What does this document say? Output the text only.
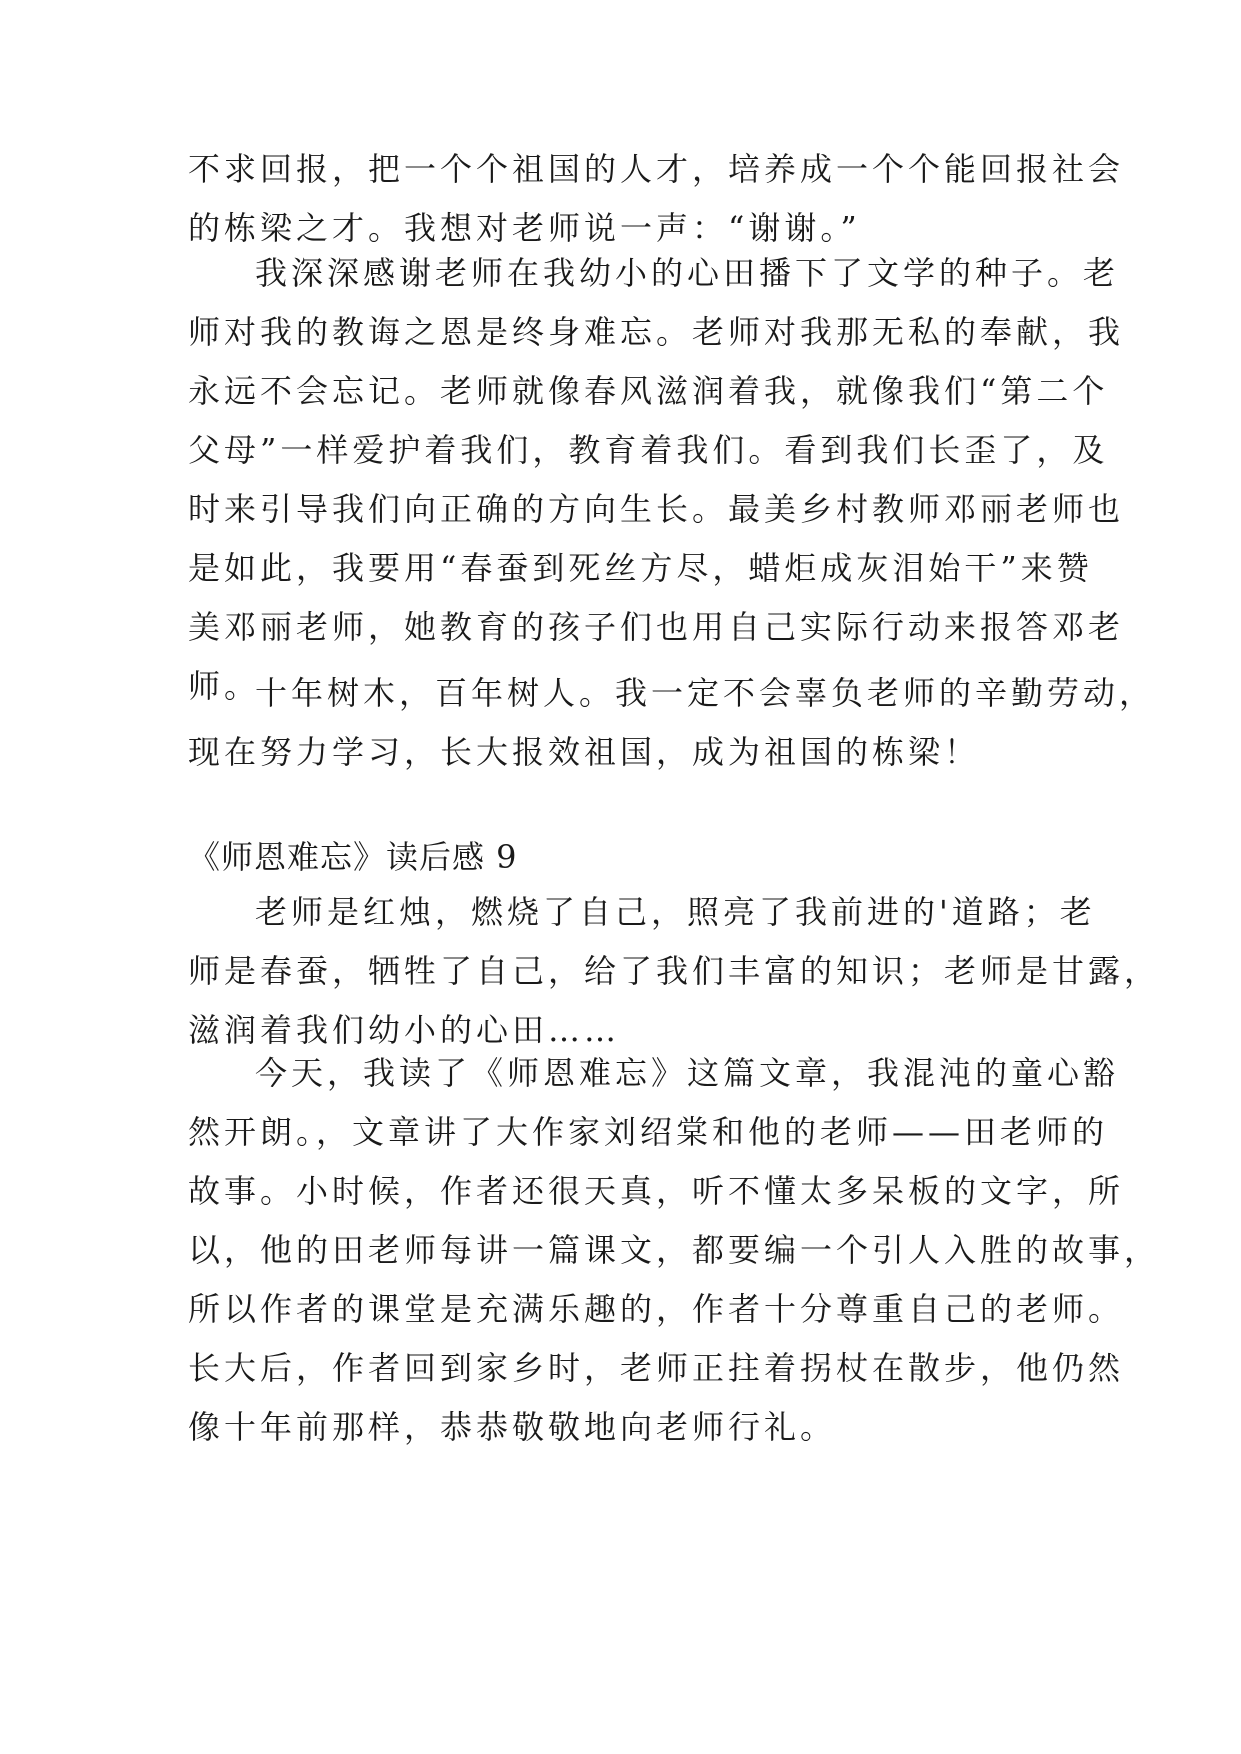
不求回报，把一个个祖国的人才，培养成一个个能回报社会
的栋梁之才。我想对老师说一声：“谢谢。”
我深深感谢老师在我幼小的心田播下了文学的种子。老
师对我的教诲之恩是终身难忘。老师对我那无私的奉献，我
永远不会忘记。老师就像春风滋润着我，就像我们“第二个
父母”一样爱护着我们，教育着我们。看到我们长歪了，及
时来引导我们向正确的方向生长。最美乡村教师邓丽老师也
是如此，我要用“春蚕到死丝方尽，蜡炬成灰泪始干”来赞
美邓丽老师，她教育的孩子们也用自己实际行动来报答邓老
师。
十年树木，百年树人。我一定不会辜负老师的辛勤劳动，
现在努力学习，长大报效祖国，成为祖国的栋梁！
《师恩难忘》读后感 9
老师是红烛，燃烧了自己，照亮了我前进的'道路；老
师是春蚕，牺牲了自己，给了我们丰富的知识；老师是甘露，
滋润着我们幼小的心田……
今天，我读了《师恩难忘》这篇文章，我混沌的童心豁
然开朗。，文章讲了大作家刘绍棠和他的老师——田老师的
故事。小时候，作者还很天真，听不懂太多呆板的文字，所
以，他的田老师每讲一篇课文，都要编一个引人入胜的故事，
所以作者的课堂是充满乐趣的，作者十分尊重自己的老师。
长大后，作者回到家乡时，老师正拄着拐杖在散步，他仍然
像十年前那样，恭恭敬敬地向老师行礼。
